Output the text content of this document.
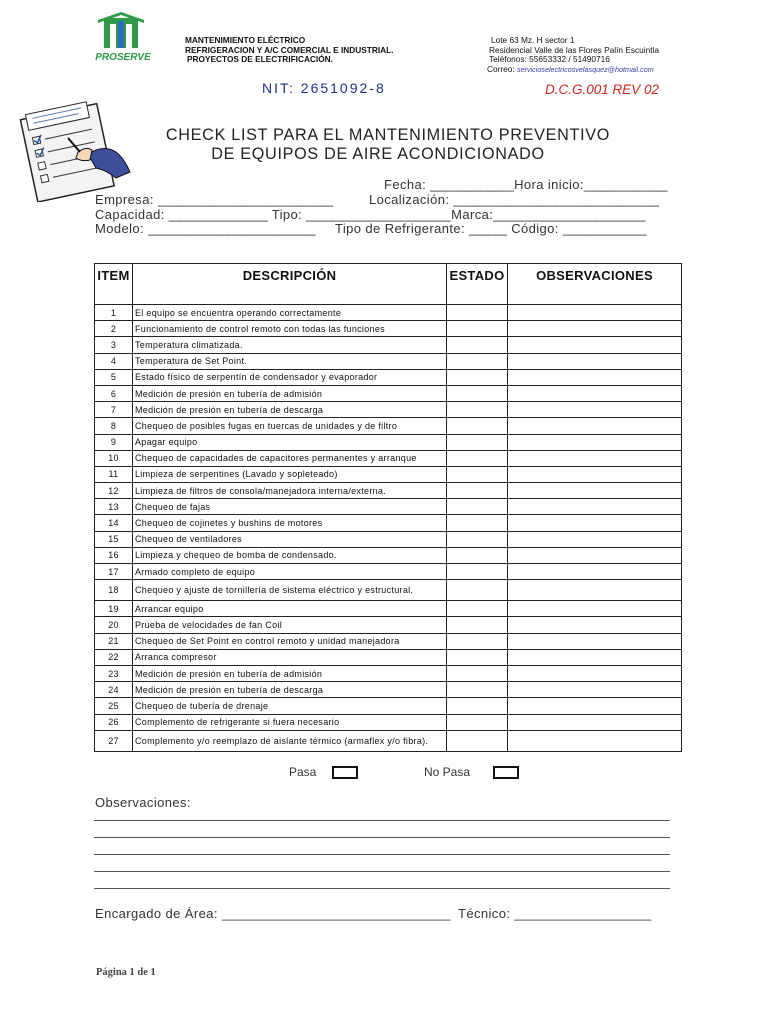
PROSERVE
MANTENIMIENTO ELÉCTRICO
REFRIGERACION Y A/C COMERCIAL E INDUSTRIAL.
PROYECTOS DE ELECTRIFICACIÓN.
Lote 63 Mz. H sector 1
Residencial Valle de las Flores Palín Escuintla
Teléfonos: 55653332 / 51490716
Correo: servicioselectricosvelasquez@hotmail.com
NIT: 2651092-8	D.C.G.001 REV 02
CHECK LIST PARA EL MANTENIMIENTO PREVENTIVO
DE EQUIPOS DE AIRE ACONDICIONADO
Fecha: ___________Hora inicio:___________
Empresa: _______________________	Localización: ___________________________
Capacidad: _____________ Tipo: ___________________Marca:____________________
Modelo: ______________________ Tipo de Refrigerante: _____ Código: ___________
ITEM	DESCRIPCIÓN	ESTADO	OBSERVACIONES
1	El equipo se encuentra operando correctamente		
2	Funcionamiento de control remoto con todas las funciones		
3	Temperatura climatizada.		
4	Temperatura de Set Point.		
5	Estado físico de serpentín de condensador y evaporador		
6	Medición de presión en tubería de admisión		
7	Medición de presión en tubería de descarga		
8	Chequeo de posibles fugas en tuercas de unidades y de filtro		
9	Apagar equipo		
10	Chequeo de capacidades de capacitores permanentes y arranque		
11	Limpieza de serpentines (Lavado y sopleteado)		
12	Limpieza de filtros de consola/manejadora interna/externa.		
13	Chequeo de fajas		
14	Chequeo de cojinetes y bushins de motores		
15	Chequeo de ventiladores		
16	Limpieza y chequeo de bomba de condensado.		
17	Armado completo de equipo		
18	Chequeo y ajuste de tornillería de sistema eléctrico y estructural.		
19	Arrancar equipo		
20	Prueba de velocidades de fan Coil		
21	Chequeo de Set Point en control remoto y unidad manejadora		
22	Arranca compresor		
23	Medición de presión en tubería de admisión		
24	Medición de presión en tubería de descarga		
25	Chequeo de tubería de drenaje		
26	Complemento de refrigerante si fuera necesario		
27	Complemento y/o reemplazo de aislante térmico (armaflex y/o fibra).		
Pasa	No Pasa
Observaciones:
Encargado de Área: ______________________________ Técnico: __________________
Página 1 de 1
